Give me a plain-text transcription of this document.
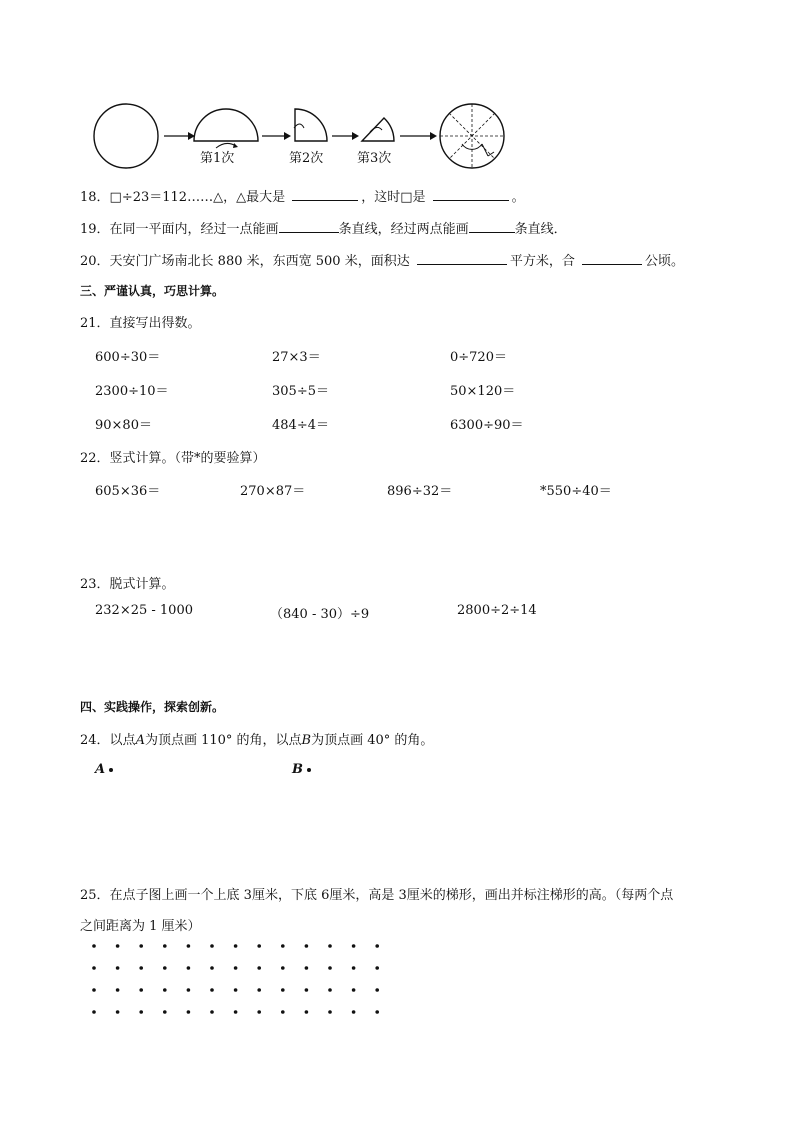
第1次	第2次	第3次
18．□÷23＝112……△，△最大是	，这时□是	。
19．在同一平面内，经过一点能画	条直线，经过两点能画	条直线．
20．天安门广场南北长 880 米，东西宽 500 米，面积达	平方米，合	公顷。
三、严谨认真，巧思计算。
21．直接写出得数。
600÷30＝	27×3＝	0÷720＝
2300÷10＝	305÷5＝	50×120＝
90×80＝	484÷4＝	6300÷90＝
22．竖式计算。（带*的要验算）
605×36＝	270×87＝	896÷32＝	*550÷40＝
23．脱式计算。
232×25 - 1000	（840 - 30）÷9	2800÷2÷14
四、实践操作，探索创新。
24．以点A为顶点画 110° 的角，以点B为顶点画 40° 的角。
A	B
25．在点子图上画一个上底 3厘米，下底 6厘米，高是 3厘米的梯形，画出并标注梯形的高。（每两个点
之间距离为 1 厘米）
